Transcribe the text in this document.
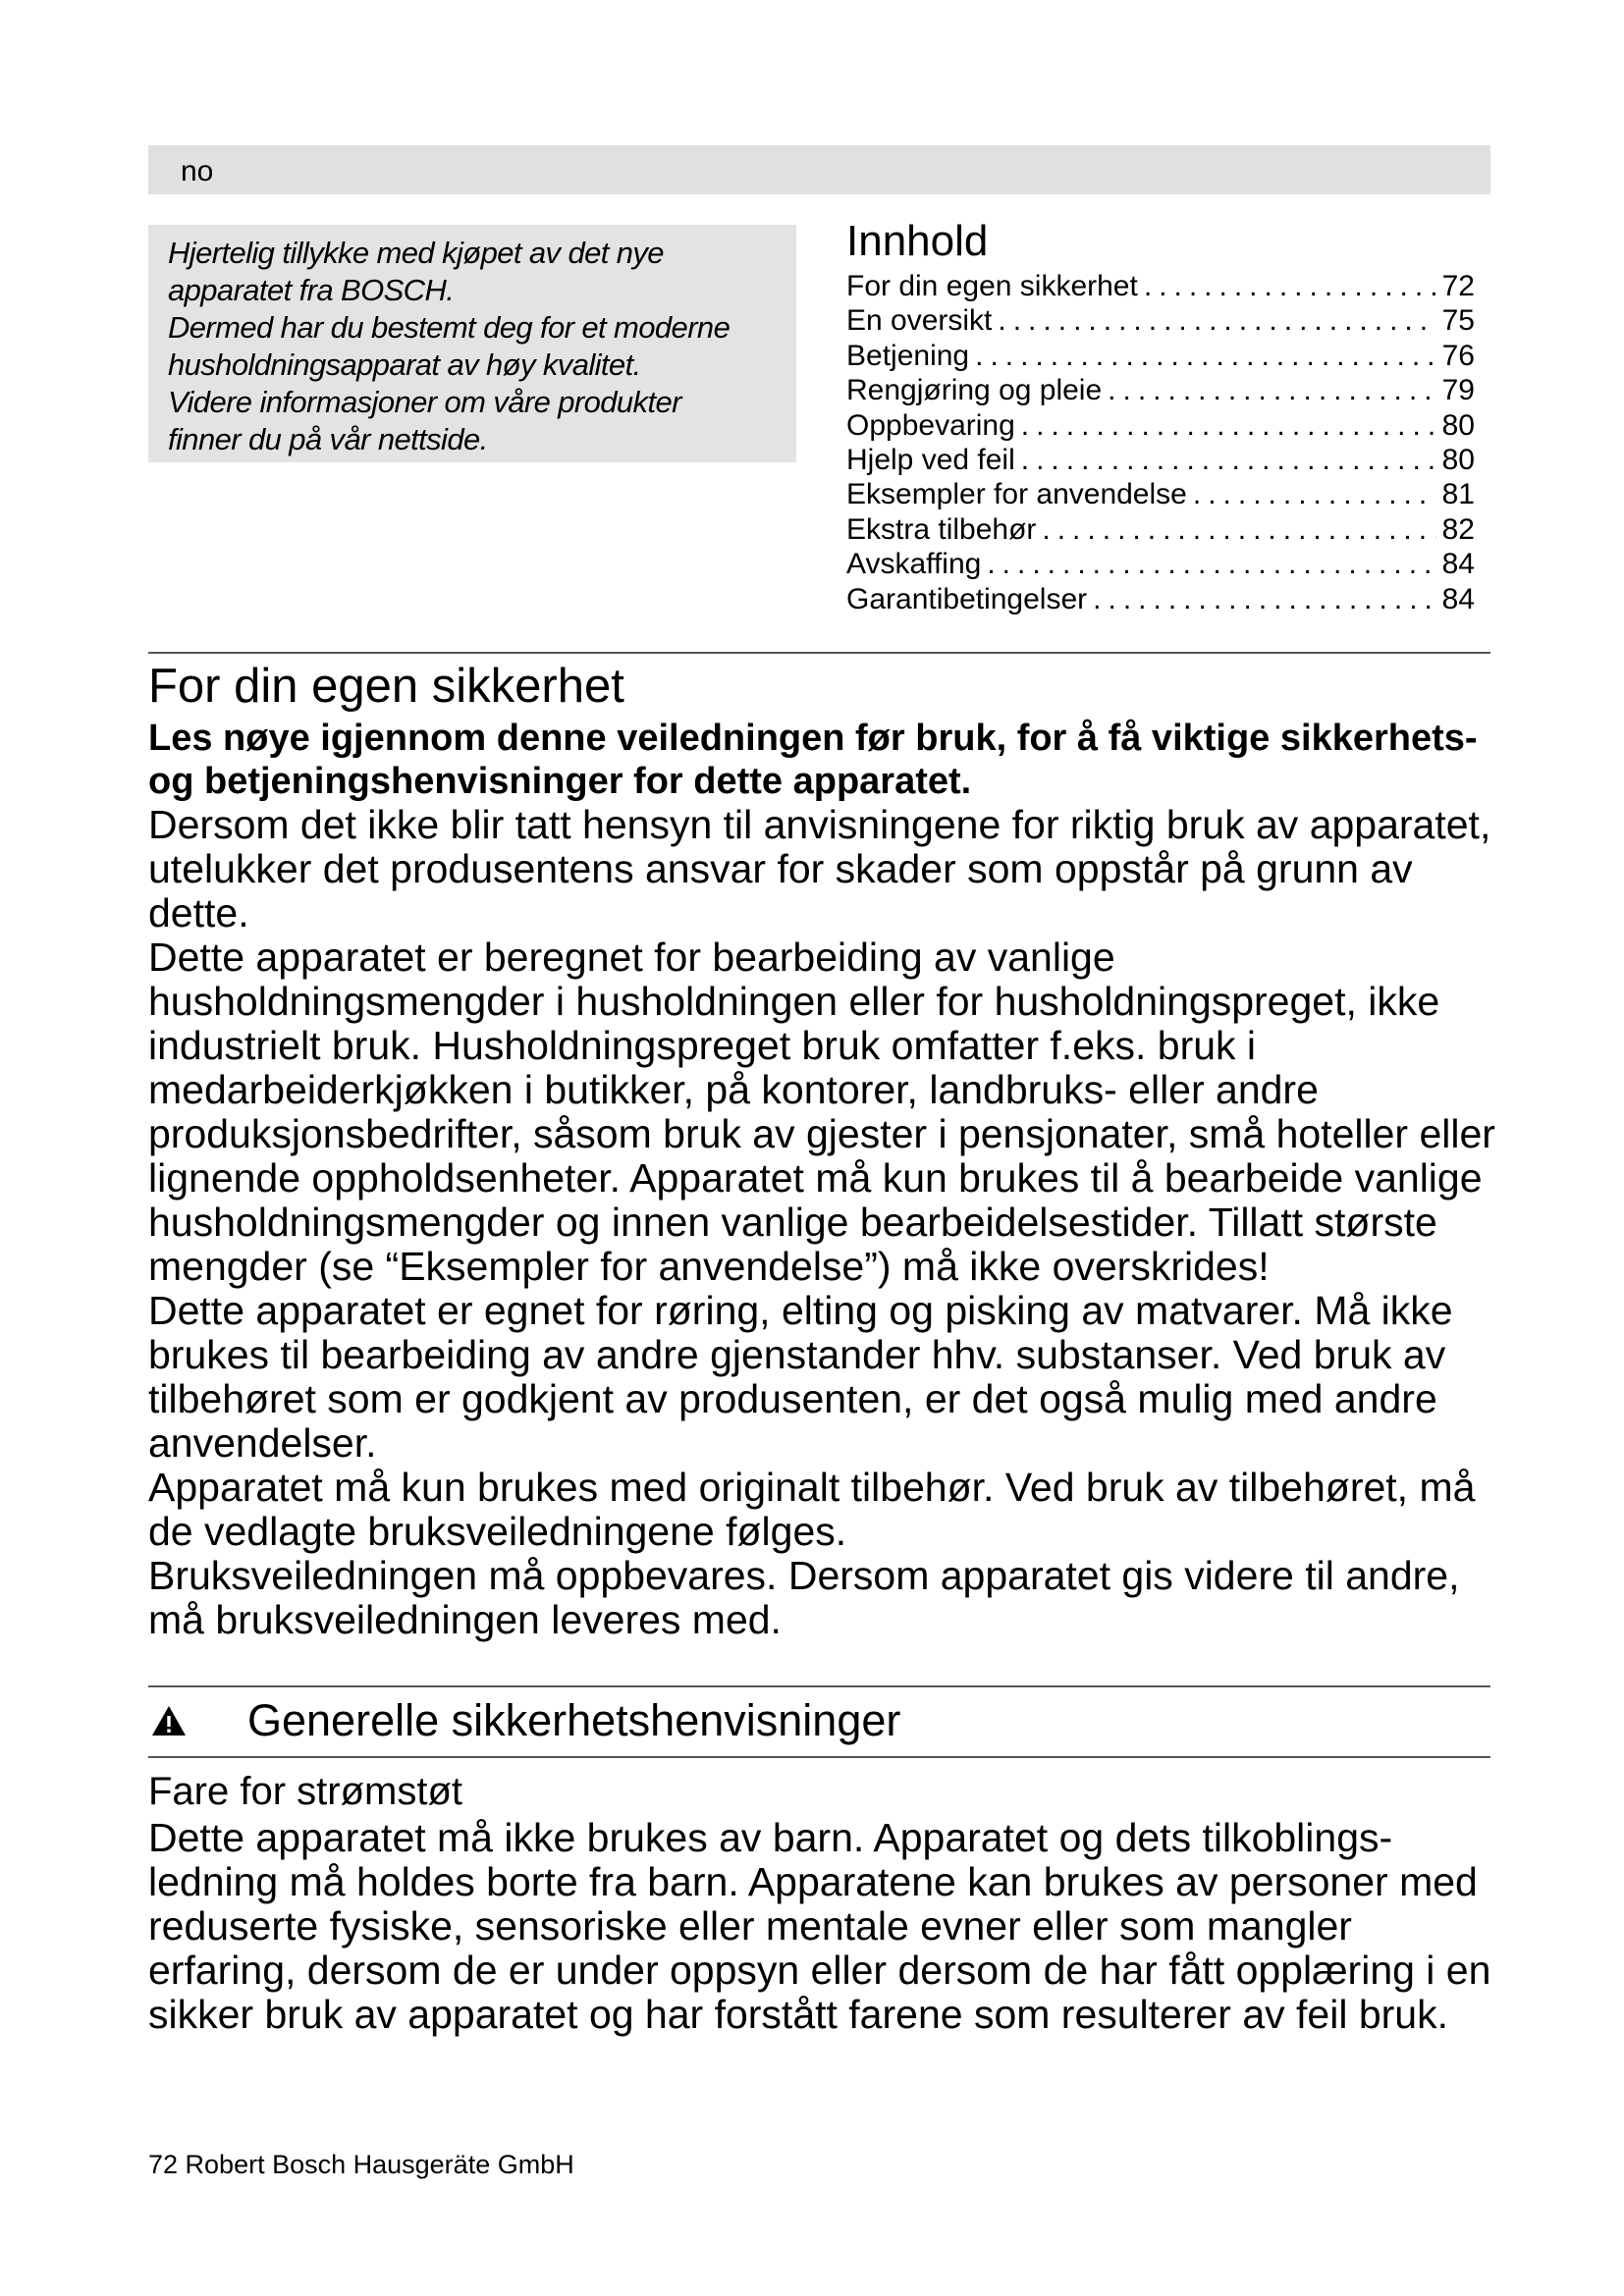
no

Hjertelig tillykke med kjøpet av det nye
apparatet fra BOSCH.
Dermed har du bestemt deg for et moderne
husholdningsapparat av høy kvalitet.
Videre informasjoner om våre produkter
finner du på vår nettside.

Innhold
For din egen sikkerhet .....	72
En oversikt .....	75
Betjening .....	76
Rengjøring og pleie .....	79
Oppbevaring .....	80
Hjelp ved feil .....	80
Eksempler for anvendelse .....	81
Ekstra tilbehør .....	82
Avskaffing .....	84
Garantibetingelser .....	84
For din egen sikkerhet

Les nøye igjennom denne veiledningen før bruk, for å få viktige sikkerhets- og betjeningshenvisninger for dette apparatet.

Dersom det ikke blir tatt hensyn til anvisningene for riktig bruk av apparatet, utelukker det produsentens ansvar for skader som oppstår på grunn av dette.

Dette apparatet er beregnet for bearbeiding av vanlige husholdningsmengder i husholdningen eller for husholdningspreget, ikke industrielt bruk. Husholdningspreget bruk omfatter f.eks. bruk i medarbeiderkjøkken i butikker, på kontorer, landbruks- eller andre produksjonsbedrifter, såsom bruk av gjester i pensjonater, små hoteller eller lignende oppholdsenheter. Apparatet må kun brukes til å bearbeide vanlige husholdningsmengder og innen vanlige bearbeidelsestider. Tillatt største mengder (se “Eksempler for anvendelse”) må ikke overskrides!

Dette apparatet er egnet for røring, elting og pisking av matvarer. Må ikke brukes til bearbeiding av andre gjenstander hhv. substanser. Ved bruk av tilbehøret som er godkjent av produsenten, er det også mulig med andre anvendelser.

Apparatet må kun brukes med originalt tilbehør. Ved bruk av tilbehøret, må de vedlagte bruksveiledningene følges.

Bruksveiledningen må oppbevares. Dersom apparatet gis videre til andre, må bruksveiledningen leveres med.

Generelle sikkerhetshenvisninger
Fare for strømstøt

Dette apparatet må ikke brukes av barn. Apparatet og dets tilkoblings-ledning må holdes borte fra barn. Apparatene kan brukes av personer med reduserte fysiske, sensoriske eller mentale evner eller som mangler erfaring, dersom de er under oppsyn eller dersom de har fått opplæring i en sikker bruk av apparatet og har forstått farene som resulterer av feil bruk.

72 Robert Bosch Hausgeräte GmbH
